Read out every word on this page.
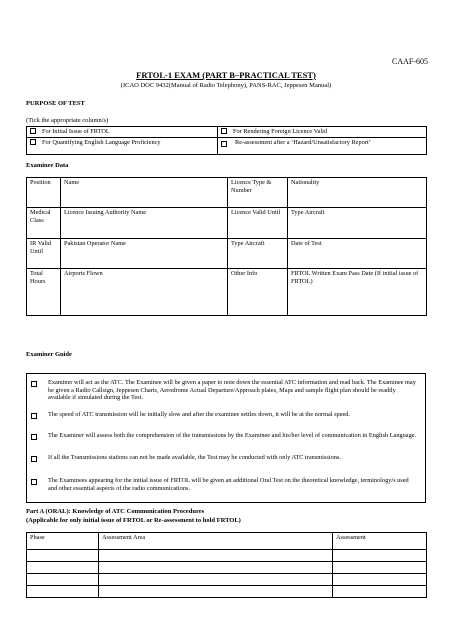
CAAF-605
FRTOL-1 EXAM (PART B–PRACTICAL TEST)
(ICAO DOC 9432(Manual of Radio Telephony), PANS-RAC, Jeppesen Manual)
PURPOSE OF TEST
(Tick the appropriate column/s)
For Initial Issue of FRTOL	For Rendering Foreign Licence Valid
For Quantifying English Language Proficiency	Re-assessment after a ‘Hazard/Unsatisfactory Report’
Examinee Data
Position	Name	Licence Type & Number	Nationality
Medical Class	Licence Issuing Authority Name	Licence Valid Until	Type Aircraft
IR Valid Until	Pakistan Operator Name	Type Aircraft	Date of Test
Total Hours	Airports Flown	Other Info	FRTOL Written Exam Pass Date (If initial issue of FRTOL)
Examiner Guide
Examiner will act as the ATC. The Examinee will be given a paper to note down the essential ATC information and read back. The Examinee may be given a Radio Callsign, Jeppesen Charts, Aerodrome Actual Departure/Approach plates, Maps and sample flight plan should be readily available if simulated during the Test.
The speed of ATC transmission will be initially slow and after the examinee settles down, it will be at the normal speed.
The Examiner will assess both the comprehension of the transmissions by the Examinee and his/her level of communication in English Language.
If all the Transmissions stations can not be made available, the Test may be conducted with only ATC transmissions.
The Examinees appearing for the initial issue of FRTOL will be given an additional Oral Test on the theoretical knowledge, terminology/s used and other essential aspects of the radio communications.
Part A (ORAL): Knowledge of ATC Communication Procedures
(Applicable for only initial issue of FRTOL or Re-assessment to hold FRTOL)
Phase	Assessment Area	Assessment
